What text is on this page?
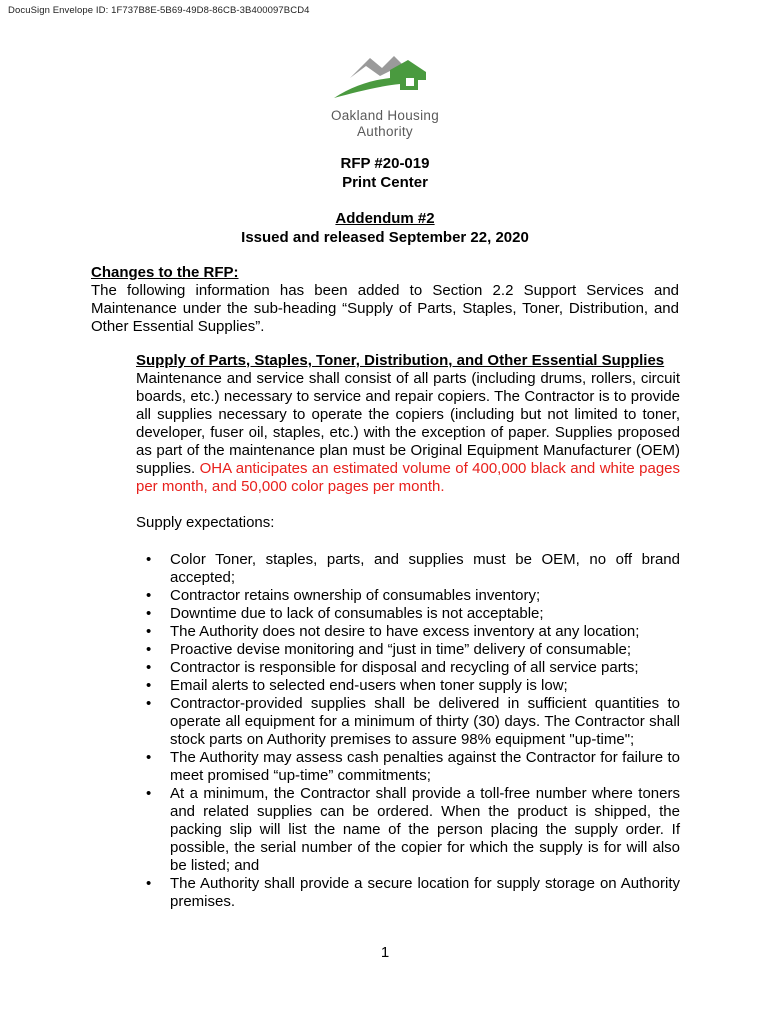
DocuSign Envelope ID: 1F737B8E-5B69-49D8-86CB-3B400097BCD4
Oakland Housing
Authority
RFP #20-019
Print Center
Addendum #2
Issued and released September 22, 2020
Changes to the RFP:
The following information has been added to Section 2.2 Support Services and Maintenance under the sub-heading “Supply of Parts, Staples, Toner, Distribution, and Other Essential Supplies”.
Supply of Parts, Staples, Toner, Distribution, and Other Essential Supplies
Maintenance and service shall consist of all parts (including drums, rollers, circuit boards, etc.) necessary to service and repair copiers. The Contractor is to provide all supplies necessary to operate the copiers (including but not limited to toner, developer, fuser oil, staples, etc.) with the exception of paper. Supplies proposed as part of the maintenance plan must be Original Equipment Manufacturer (OEM) supplies. OHA anticipates an estimated volume of 400,000 black and white pages per month, and 50,000 color pages per month.
Supply expectations:
• Color Toner, staples, parts, and supplies must be OEM, no off brand accepted;
• Contractor retains ownership of consumables inventory;
• Downtime due to lack of consumables is not acceptable;
• The Authority does not desire to have excess inventory at any location;
• Proactive devise monitoring and “just in time” delivery of consumable;
• Contractor is responsible for disposal and recycling of all service parts;
• Email alerts to selected end-users when toner supply is low;
• Contractor-provided supplies shall be delivered in sufficient quantities to operate all equipment for a minimum of thirty (30) days. The Contractor shall stock parts on Authority premises to assure 98% equipment "up-time";
• The Authority may assess cash penalties against the Contractor for failure to meet promised “up-time” commitments;
• At a minimum, the Contractor shall provide a toll-free number where toners and related supplies can be ordered. When the product is shipped, the packing slip will list the name of the person placing the supply order. If possible, the serial number of the copier for which the supply is for will also be listed; and
• The Authority shall provide a secure location for supply storage on Authority premises.
1
